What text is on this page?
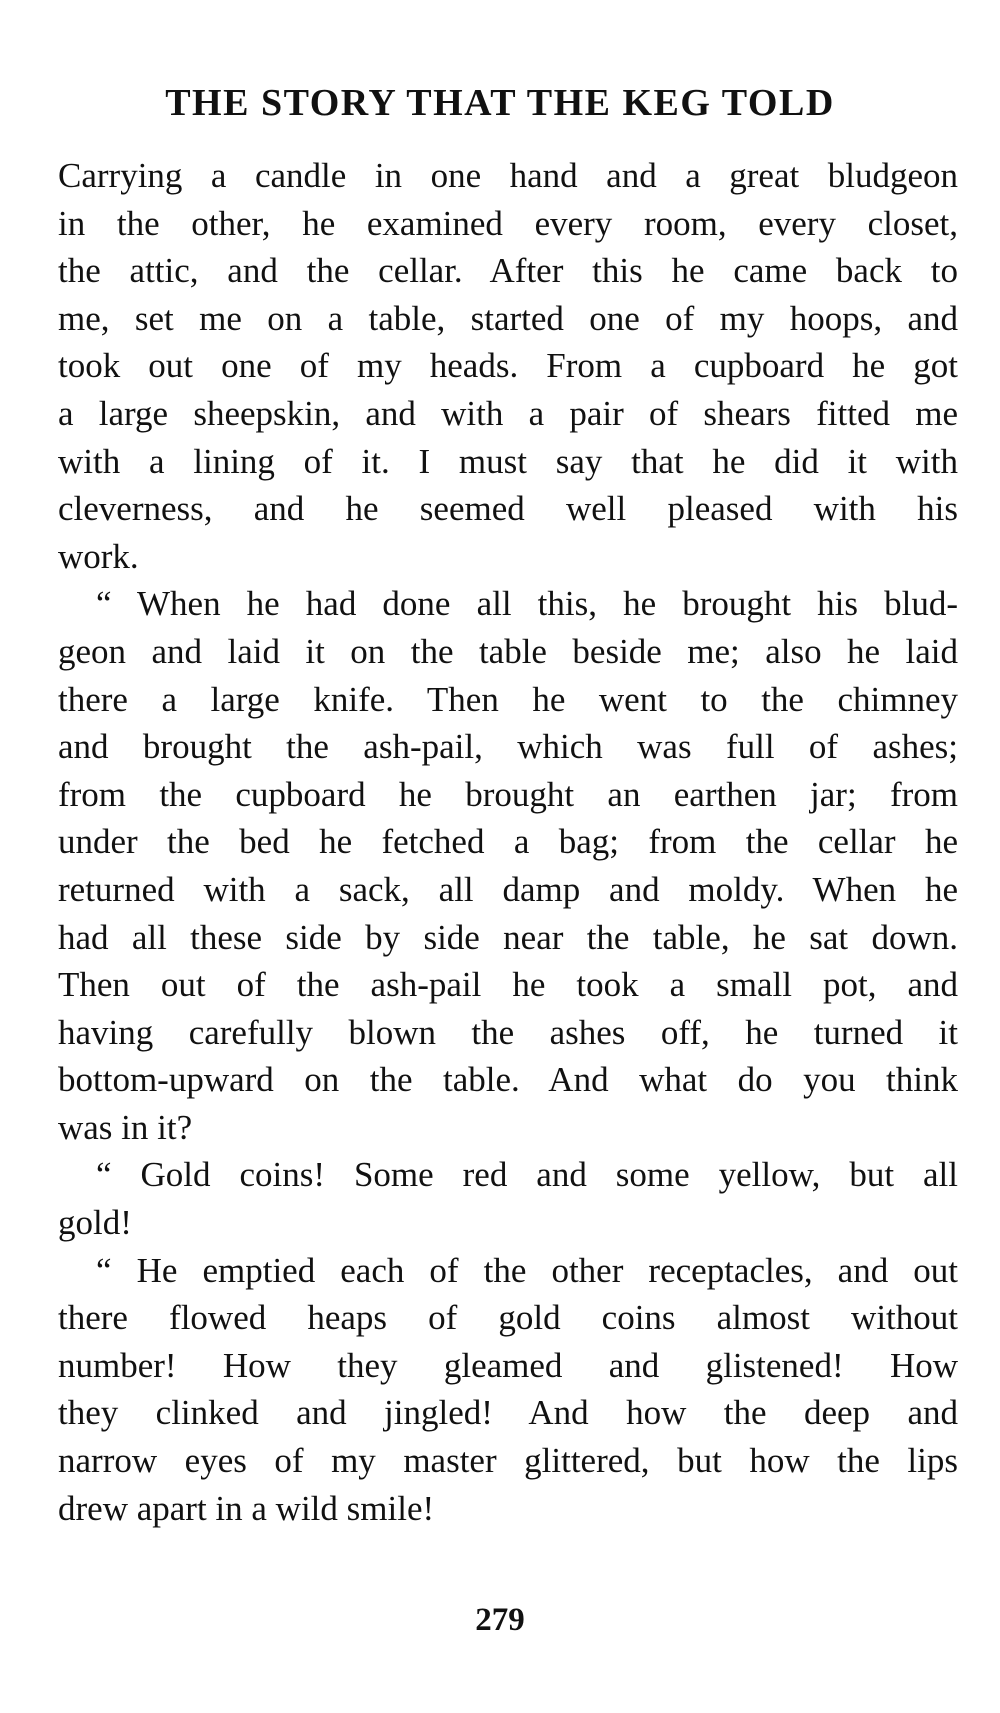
THE STORY THAT THE KEG TOLD
Carrying a candle in one hand and a great bludgeon
in the other, he examined every room, every closet,
the attic, and the cellar. After this he came back to
me, set me on a table, started one of my hoops, and
took out one of my heads. From a cupboard he got
a large sheepskin, and with a pair of shears fitted me
with a lining of it. I must say that he did it with
cleverness, and he seemed well pleased with his
work.
“ When he had done all this, he brought his blud-
geon and laid it on the table beside me; also he laid
there a large knife. Then he went to the chimney
and brought the ash-pail, which was full of ashes;
from the cupboard he brought an earthen jar; from
under the bed he fetched a bag; from the cellar he
returned with a sack, all damp and moldy. When he
had all these side by side near the table, he sat down.
Then out of the ash-pail he took a small pot, and
having carefully blown the ashes off, he turned it
bottom-upward on the table. And what do you think
was in it?
“ Gold coins! Some red and some yellow, but all
gold!
“ He emptied each of the other receptacles, and out
there flowed heaps of gold coins almost without
number! How they gleamed and glistened! How
they clinked and jingled! And how the deep and
narrow eyes of my master glittered, but how the lips
drew apart in a wild smile!
279
